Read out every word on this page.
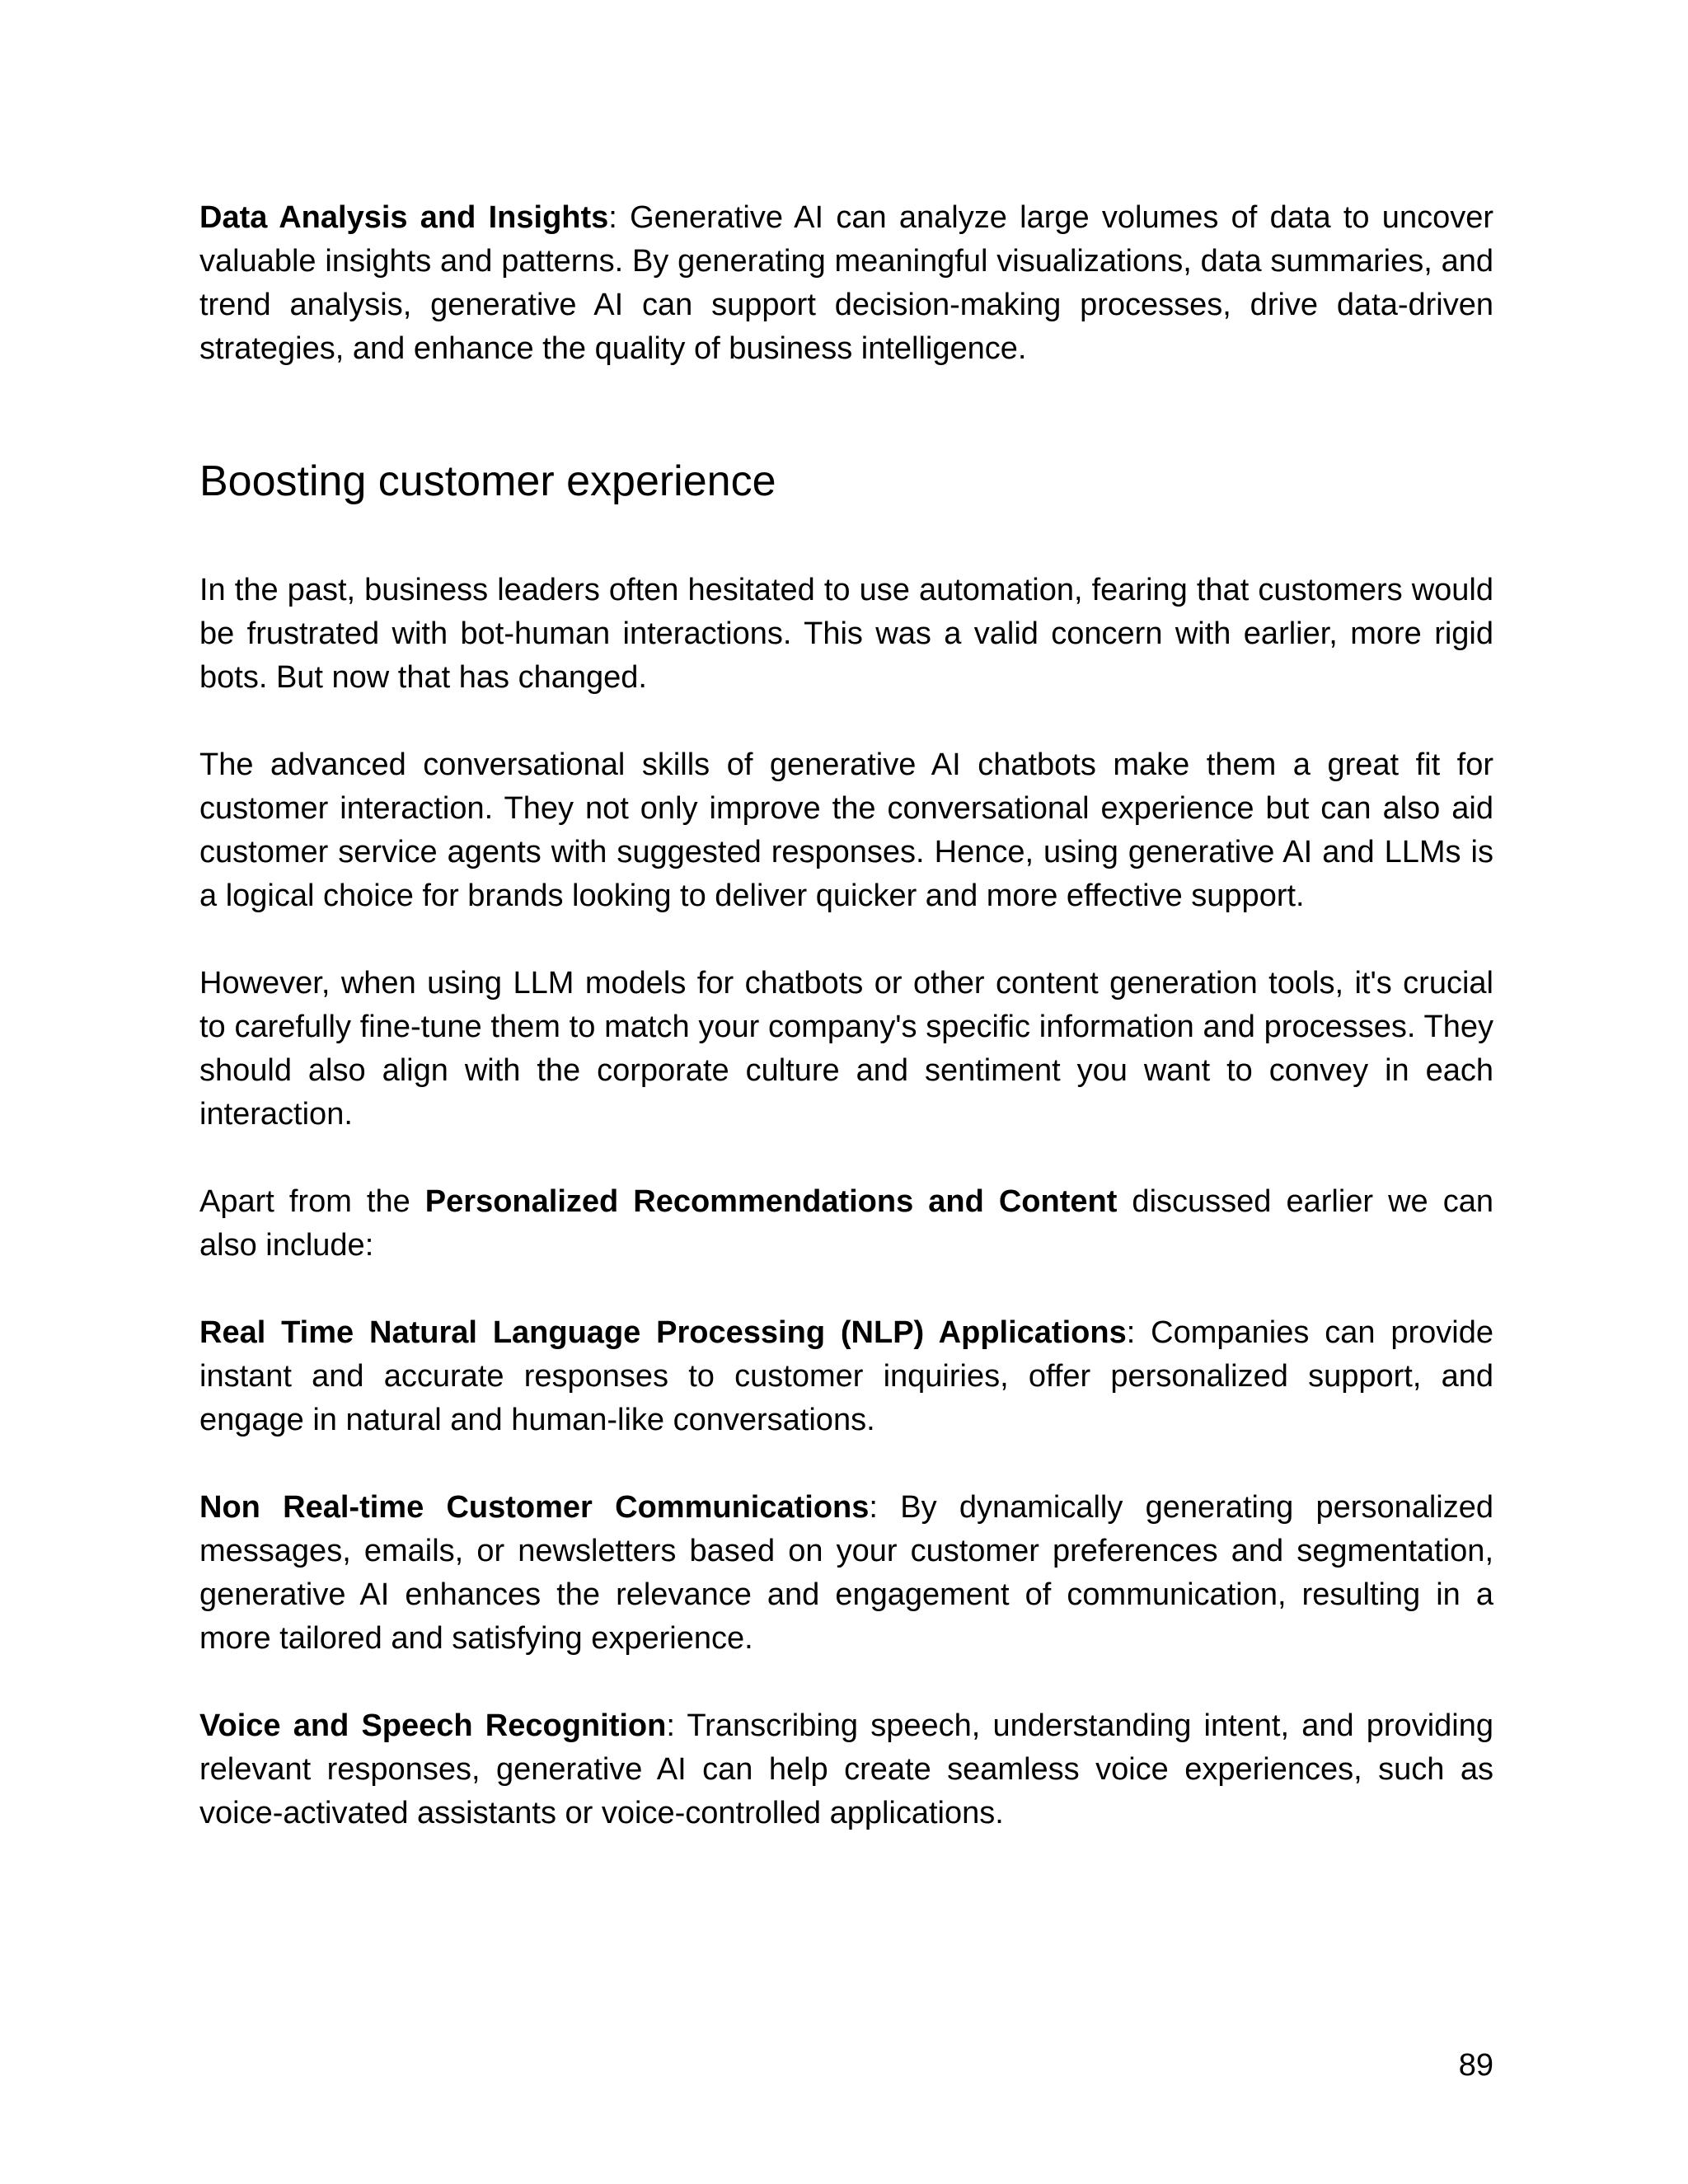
Data Analysis and Insights: Generative AI can analyze large volumes of data to uncover valuable insights and patterns. By generating meaningful visualizations, data summaries, and trend analysis, generative AI can support decision-making processes, drive data-driven strategies, and enhance the quality of business intelligence.

Boosting customer experience

In the past, business leaders often hesitated to use automation, fearing that customers would be frustrated with bot-human interactions. This was a valid concern with earlier, more rigid bots. But now that has changed.

The advanced conversational skills of generative AI chatbots make them a great fit for customer interaction. They not only improve the conversational experience but can also aid customer service agents with suggested responses. Hence, using generative AI and LLMs is a logical choice for brands looking to deliver quicker and more effective support.

However, when using LLM models for chatbots or other content generation tools, it's crucial to carefully fine-tune them to match your company's specific information and processes. They should also align with the corporate culture and sentiment you want to convey in each interaction.

Apart from the Personalized Recommendations and Content discussed earlier we can also include:

Real Time Natural Language Processing (NLP) Applications: Companies can provide instant and accurate responses to customer inquiries, offer personalized support, and engage in natural and human-like conversations.

Non Real-time Customer Communications: By dynamically generating personalized messages, emails, or newsletters based on your customer preferences and segmentation, generative AI enhances the relevance and engagement of communication, resulting in a more tailored and satisfying experience.

Voice and Speech Recognition: Transcribing speech, understanding intent, and providing relevant responses, generative AI can help create seamless voice experiences, such as voice-activated assistants or voice-controlled applications.

89
